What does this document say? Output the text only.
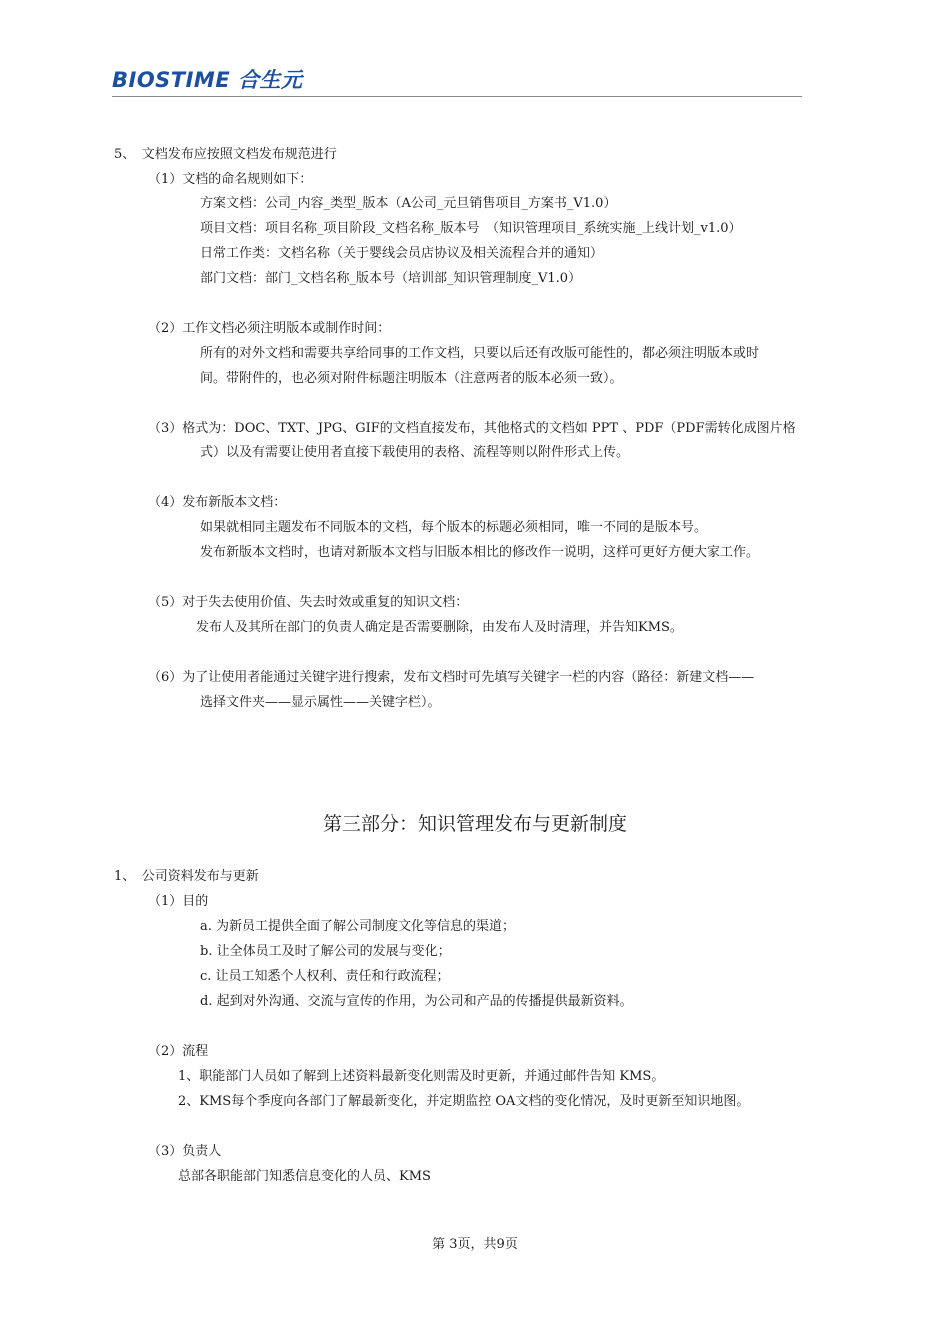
BIOSTIME 合生元
5、　文档发布应按照文档发布规范进行
（1）文档的命名规则如下：
方案文档：公司_内容_类型_版本（A公司_元旦销售项目_方案书_V1.0）
项目文档：项目名称_项目阶段_文档名称_版本号　（知识管理项目_系统实施_上线计划_v1.0）
日常工作类：文档名称（关于婴线会员店协议及相关流程合并的通知）
部门文档：部门_文档名称_版本号（培训部_知识管理制度_V1.0）
（2）工作文档必须注明版本或制作时间：
所有的对外文档和需要共享给同事的工作文档，只要以后还有改版可能性的，都必须注明版本或时
间。带附件的，也必须对附件标题注明版本（注意两者的版本必须一致）。
（3）格式为：DOC、TXT、JPG、GIF的文档直接发布，其他格式的文档如 PPT 、PDF（PDF需转化成图片格
式）以及有需要让使用者直接下载使用的表格、流程等则以附件形式上传。
（4）发布新版本文档：
如果就相同主题发布不同版本的文档，每个版本的标题必须相同，唯一不同的是版本号。
发布新版本文档时，也请对新版本文档与旧版本相比的修改作一说明，这样可更好方便大家工作。
（5）对于失去使用价值、失去时效或重复的知识文档：
发布人及其所在部门的负责人确定是否需要删除，由发布人及时清理，并告知KMS。
（6）为了让使用者能通过关键字进行搜索，发布文档时可先填写关键字一栏的内容（路径：新建文档——
选择文件夹——显示属性——关键字栏）。
第三部分：知识管理发布与更新制度
1、　公司资料发布与更新
（1）目的
a. 为新员工提供全面了解公司制度文化等信息的渠道；
b. 让全体员工及时了解公司的发展与变化；
c. 让员工知悉个人权利、责任和行政流程；
d. 起到对外沟通、交流与宣传的作用，为公司和产品的传播提供最新资料。
（2）流程
1、职能部门人员如了解到上述资料最新变化则需及时更新，并通过邮件告知 KMS。
2、KMS每个季度向各部门了解最新变化，并定期监控 OA文档的变化情况，及时更新至知识地图。
（3）负责人
总部各职能部门知悉信息变化的人员、KMS
第 3页，共9页
